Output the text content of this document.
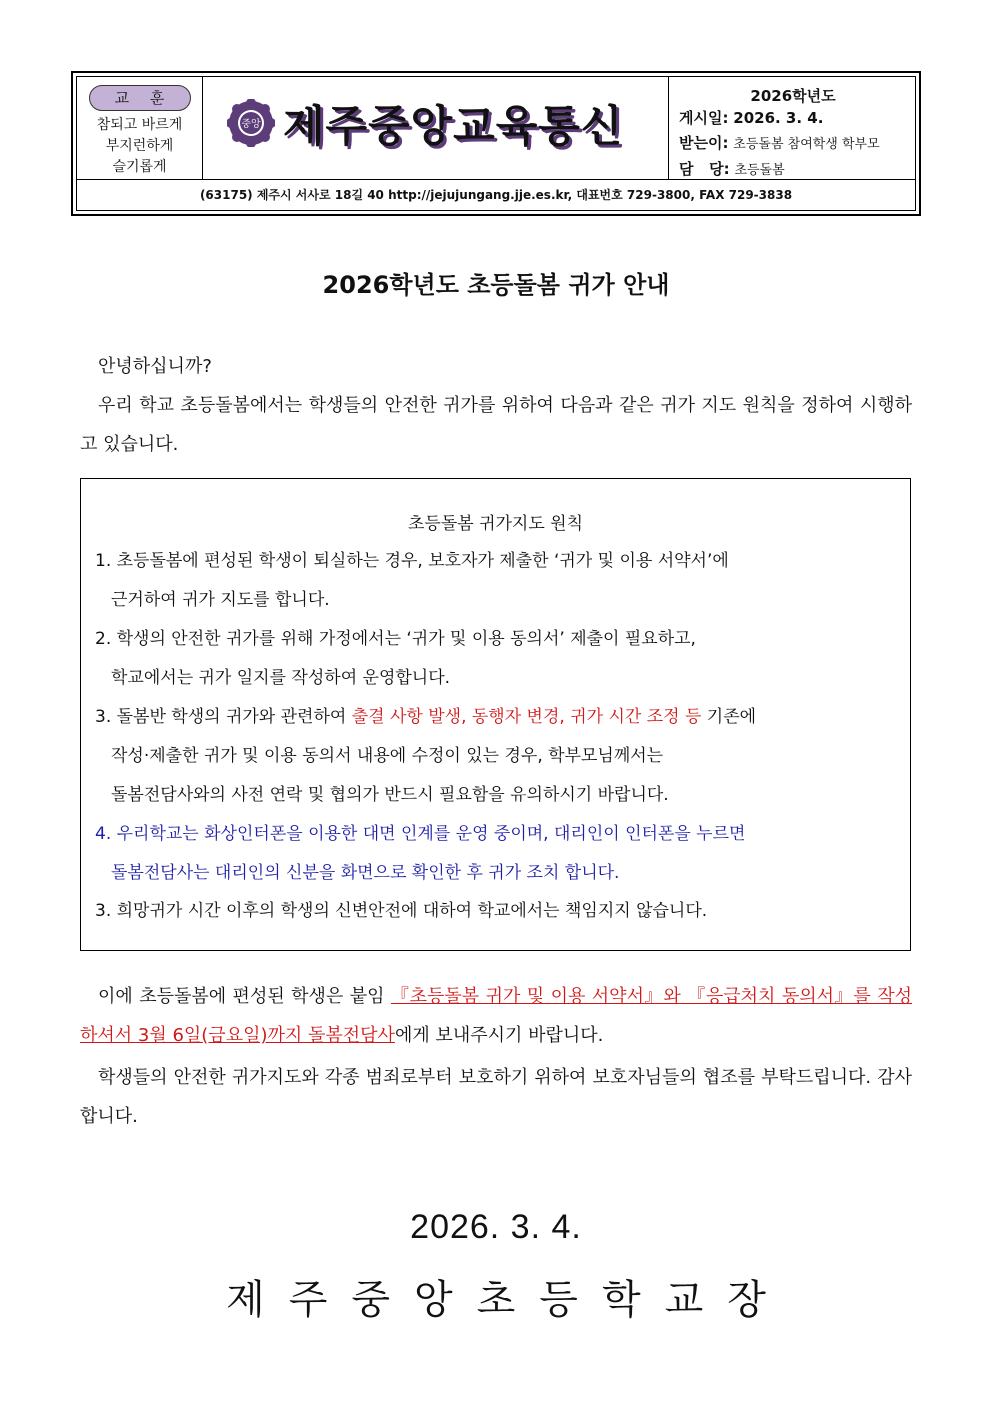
교 훈
참되고 바르게
부지런하게
슬기롭게
중앙 제주중앙교육통신
2026학년도
게시일: 2026. 3. 4.
받는이: 초등돌봄 참여학생 학부모
담   당: 초등돌봄
(63175) 제주시 서사로 18길 40 http://jejujungang.jje.es.kr, 대표번호 729-3800, FAX 729-3838
2026학년도 초등돌봄 귀가 안내
안녕하십니까?
우리 학교 초등돌봄에서는 학생들의 안전한 귀가를 위하여 다음과 같은 귀가 지도 원칙을 정하여 시행하고 있습니다.
초등돌봄 귀가지도 원칙
1. 초등돌봄에 편성된 학생이 퇴실하는 경우, 보호자가 제출한 ‘귀가 및 이용 서약서’에
근거하여 귀가 지도를 합니다.
2. 학생의 안전한 귀가를 위해 가정에서는 ‘귀가 및 이용 동의서’ 제출이 필요하고,
학교에서는 귀가 일지를 작성하여 운영합니다.
3. 돌봄반 학생의 귀가와 관련하여 출결 사항 발생, 동행자 변경, 귀가 시간 조정 등 기존에
작성·제출한 귀가 및 이용 동의서 내용에 수정이 있는 경우, 학부모님께서는
돌봄전담사와의 사전 연락 및 협의가 반드시 필요함을 유의하시기 바랍니다.
4. 우리학교는 화상인터폰을 이용한 대면 인계를 운영 중이며, 대리인이 인터폰을 누르면
돌봄전담사는 대리인의 신분을 화면으로 확인한 후 귀가 조치 합니다.
3. 희망귀가 시간 이후의 학생의 신변안전에 대하여 학교에서는 책임지지 않습니다.
이에 초등돌봄에 편성된 학생은 붙임 『초등돌봄 귀가 및 이용 서약서』와 『응급처치 동의서』를 작성하셔서 3월 6일(금요일)까지 돌봄전담사에게 보내주시기 바랍니다.
학생들의 안전한 귀가지도와 각종 범죄로부터 보호하기 위하여 보호자님들의 협조를 부탁드립니다. 감사합니다.
2026. 3. 4.
제주중앙초등학교장
